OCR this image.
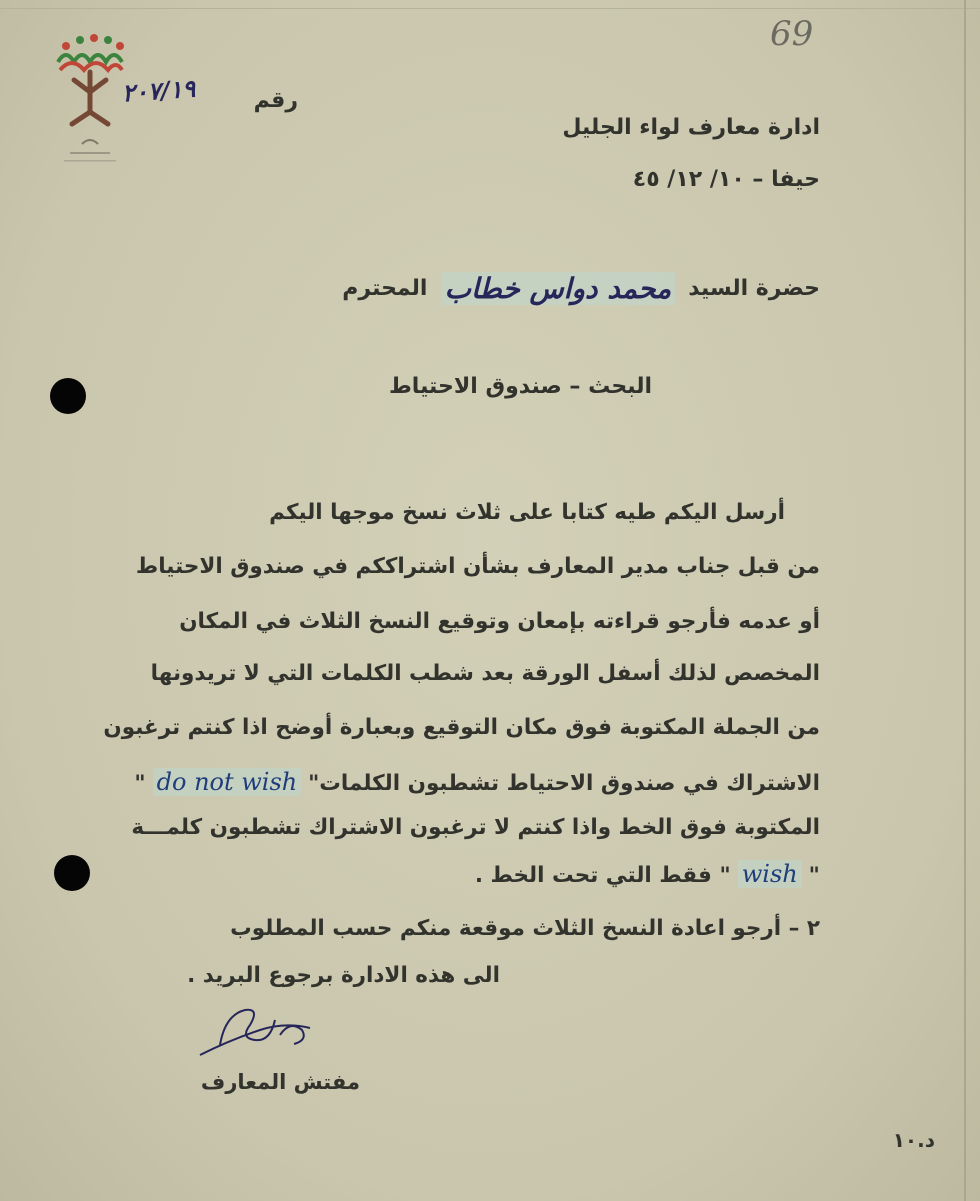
69
٢٠٧/١٩	رقم
ادارة معارف لواء الجليل
حيفا – ١٠/ ١٢/ ٤٥
حضرة السيد محمد دواس خطاب المحترم
البحث – صندوق الاحتياط
أرسل اليكم طيه كتابا على ثلاث نسخ موجها اليكم
من قبل جناب مدير المعارف بشأن اشتراككم في صندوق الاحتياط
أو عدمه فأرجو قراءته بإمعان وتوقيع النسخ الثلاث في المكان
المخصص لذلك أسفل الورقة بعد شطب الكلمات التي لا تريدونها
من الجملة المكتوبة فوق مكان التوقيع وبعبارة أوضح اذا كنتم ترغبون
الاشتراك في صندوق الاحتياط تشطبون الكلمات" do not wish "
المكتوبة فوق الخط واذا كنتم لا ترغبون الاشتراك تشطبون كلمـــة
" wish " فقط التي تحت الخط .
٢ – أرجو اعادة النسخ الثلاث موقعة منكم حسب المطلوب
الى هذه الادارة برجوع البريد .
مفتش المعارف
د.١٠
